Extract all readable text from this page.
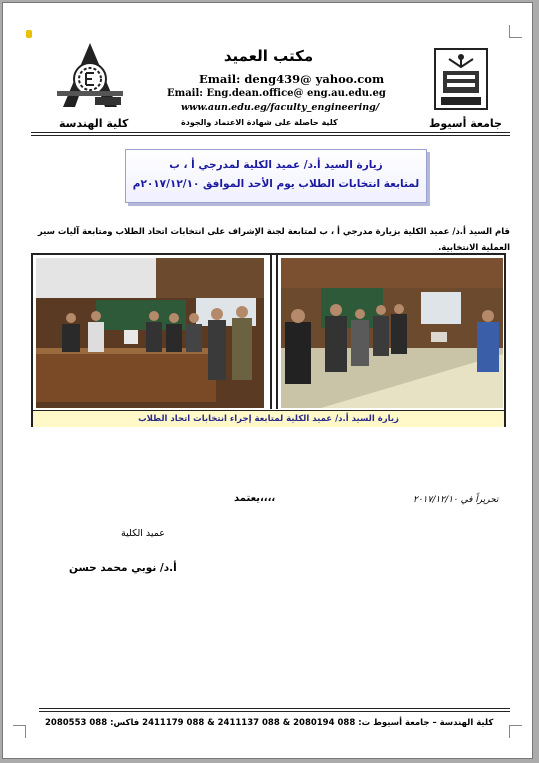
مكتب العميد
Email: deng439@ yahoo.com
Email: Eng.dean.office@ eng.au.edu.eg
www.aun.edu.eg/faculty_engineering/
كلية حاصلة على شهادة الاعتماد والجودة	جامعة أسيوط
كلية الهندسة
زيارة السيد أ.د/ عميد الكلية لمدرجي أ ، ب
لمتابعة انتخابات الطلاب يوم الأحد الموافق ٢٠١٧/١٢/١٠م
قام السيد أ.د/ عميد الكلية بزيارة مدرجي أ ، ب لمتابعة لجنة الإشراف على انتخابات اتحاد الطلاب ومتابعة آليات سير العملية الانتخابية.
زيارة السيد أ.د/ عميد الكلية لمتابعة إجراء انتخابات اتحاد الطلاب
يعتمد،،،،	تحريراً في ٢٠١٧/١٢/١٠
عميد الكلية
أ.د/ نوبي محمد حسن
كلية الهندسة – جامعة أسيوط ت: 088 2080194 & 088 2411137 & 088 2411179 فاكس: 088 2080553
